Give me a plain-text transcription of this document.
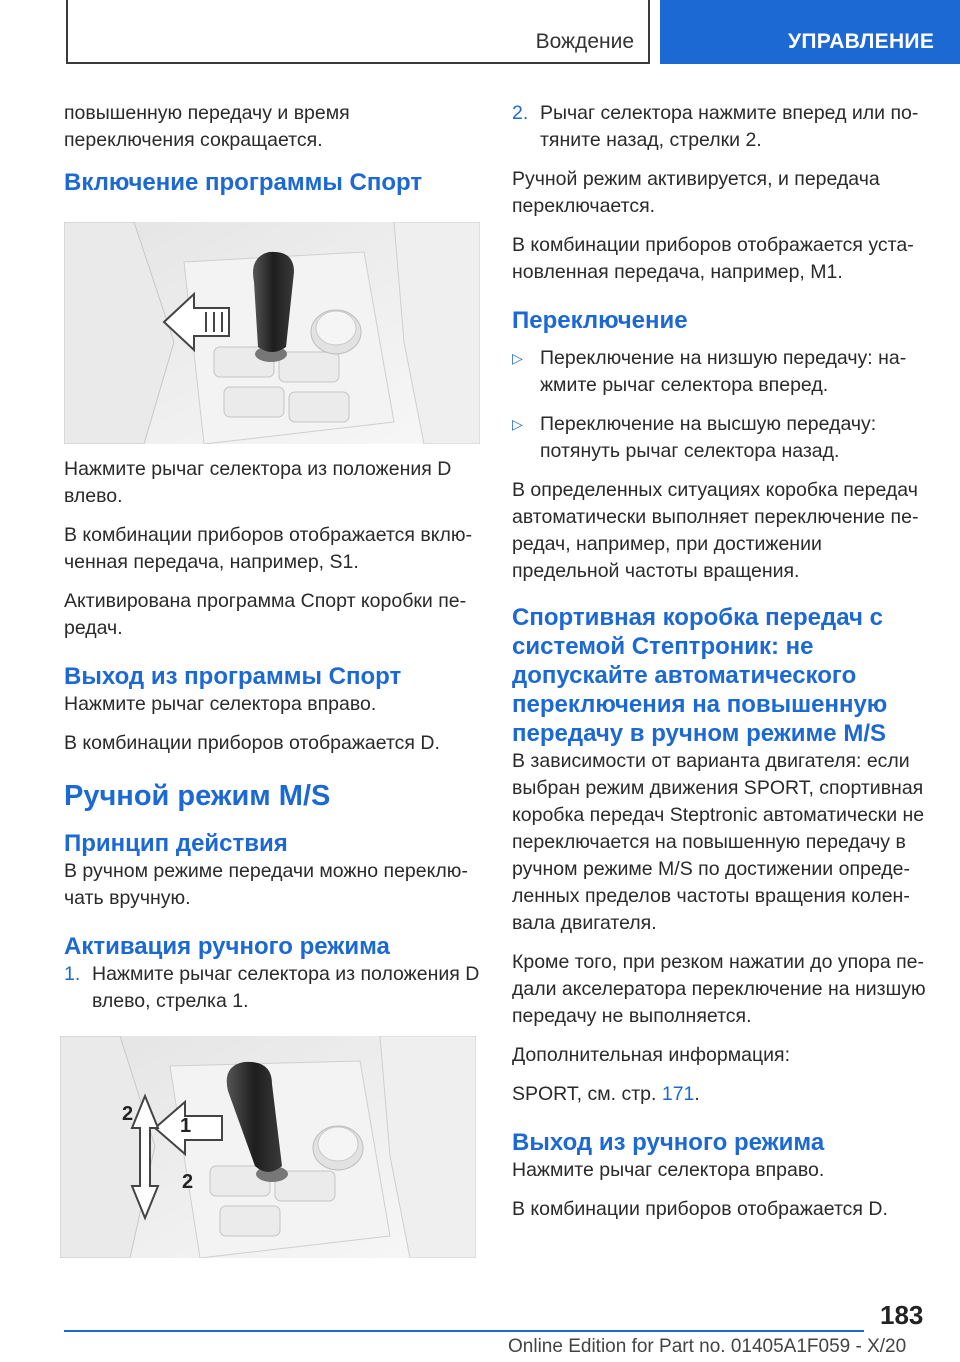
Вождение	УПРАВЛЕНИЕ

повышенную передачу и время переключения сокращается.

Включение программы Спорт

Нажмите рычаг селектора из положения D влево.

В комбинации приборов отображается включенная передача, например, S1.

Активирована программа Спорт коробки передач.

Выход из программы Спорт

Нажмите рычаг селектора вправо.

В комбинации приборов отображается D.

Ручной режим M/S
Принцип действия

В ручном режиме передачи можно переключать вручную.

Активация ручного режима
1. Нажмите рычаг селектора из положения D влево, стрелка 1.
1
2
2
2. Рычаг селектора нажмите вперед или потяните назад, стрелки 2.

Ручной режим активируется, и передача переключается.

В комбинации приборов отображается установленная передача, например, M1.

Переключение
▷ Переключение на низшую передачу: нажмите рычаг селектора вперед.
▷ Переключение на высшую передачу: потянуть рычаг селектора назад.

В определенных ситуациях коробка передач автоматически выполняет переключение передач, например, при достижении предельной частоты вращения.

Спортивная коробка передач с системой Стептроник: не допускайте автоматического переключения на повышенную передачу в ручном режиме M/S

В зависимости от варианта двигателя: если выбран режим движения SPORT, спортивная коробка передач Steptronic автоматически не переключается на повышенную передачу в ручном режиме M/S по достижении определенных пределов частоты вращения коленвала двигателя.

Кроме того, при резком нажатии до упора педали акселератора переключение на низшую передачу не выполняется.

Дополнительная информация:

SPORT, см. стр. 171.

Выход из ручного режима

Нажмите рычаг селектора вправо.

В комбинации приборов отображается D.

183
Online Edition for Part no. 01405A1F059 - X/20
